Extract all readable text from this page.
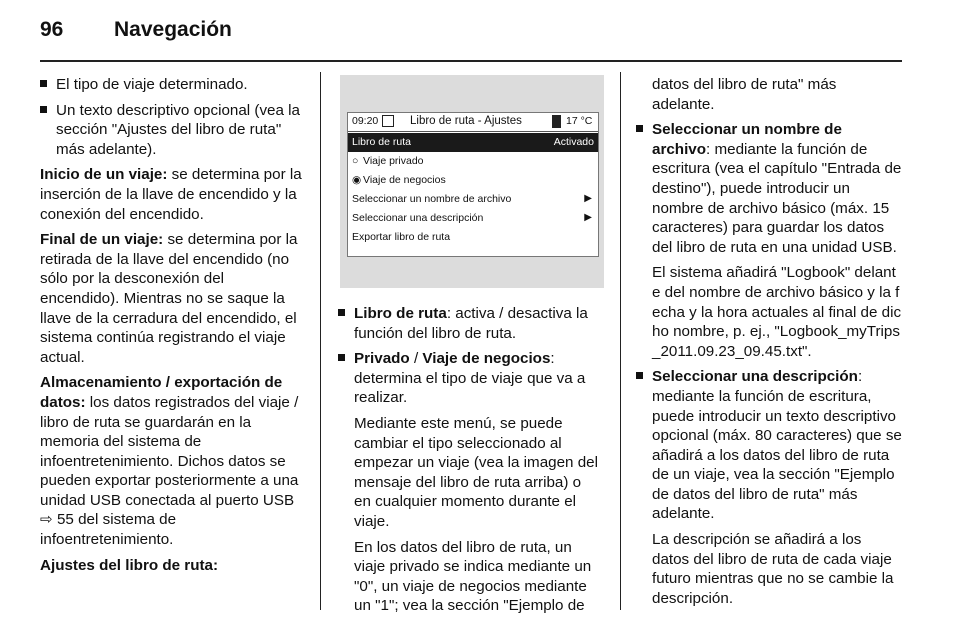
96 Navegación
El tipo de viaje determinado.
Un texto descriptivo opcional (vea la sección "Ajustes del libro de ruta" más adelante).

Inicio de un viaje: se determina por la inserción de la llave de encendido y la conexión del encendido.

Final de un viaje: se determina por la retirada de la llave del encendido (no sólo por la desconexión del encendido). Mientras no se saque la llave de la cerradura del encendido, el sistema continúa registrando el viaje actual.

Almacenamiento / exportación de datos: los datos registrados del viaje / libro de ruta se guardarán en la memoria del sistema de infoentretenimiento. Dichos datos se pueden exportar posteriormente a una unidad USB conectada al puerto USB ⇨ 55 del sistema de infoentretenimiento.

Ajustes del libro de ruta:

09:20	Libro de ruta - Ajustes	17 °C
Libro de ruta	Activado
○ Viaje privado
◉ Viaje de negocios
Seleccionar un nombre de archivo	▶
Seleccionar una descripción	▶
Exportar libro de ruta
Libro de ruta: activa / desactiva la función del libro de ruta.
Privado / Viaje de negocios: determina el tipo de viaje que va a realizar.
Mediante este menú, se puede cambiar el tipo seleccionado al empezar un viaje (vea la imagen del mensaje del libro de ruta arriba) o en cualquier momento durante el viaje.
En los datos del libro de ruta, un viaje privado se indica mediante un "0", un viaje de negocios mediante un "1"; vea la sección "Ejemplo de
datos del libro de ruta" más adelante.
Seleccionar un nombre de archivo: mediante la función de escritura (vea el capítulo "Entrada de destino"), puede introducir un nombre de archivo básico (máx. 15 caracteres) para guardar los datos del libro de ruta en una unidad USB.
El sistema añadirá "Logbook" delante del nombre de archivo básico y la fecha y la hora actuales al final de dicho nombre, p. ej., "Logbook_myTrips_2011.09.23_09.45.txt".
Seleccionar una descripción: mediante la función de escritura, puede introducir un texto descriptivo opcional (máx. 80 caracteres) que se añadirá a los datos del libro de ruta de un viaje, vea la sección "Ejemplo de datos del libro de ruta" más adelante.
La descripción se añadirá a los datos del libro de ruta de cada viaje futuro mientras que no se cambie la descripción.
